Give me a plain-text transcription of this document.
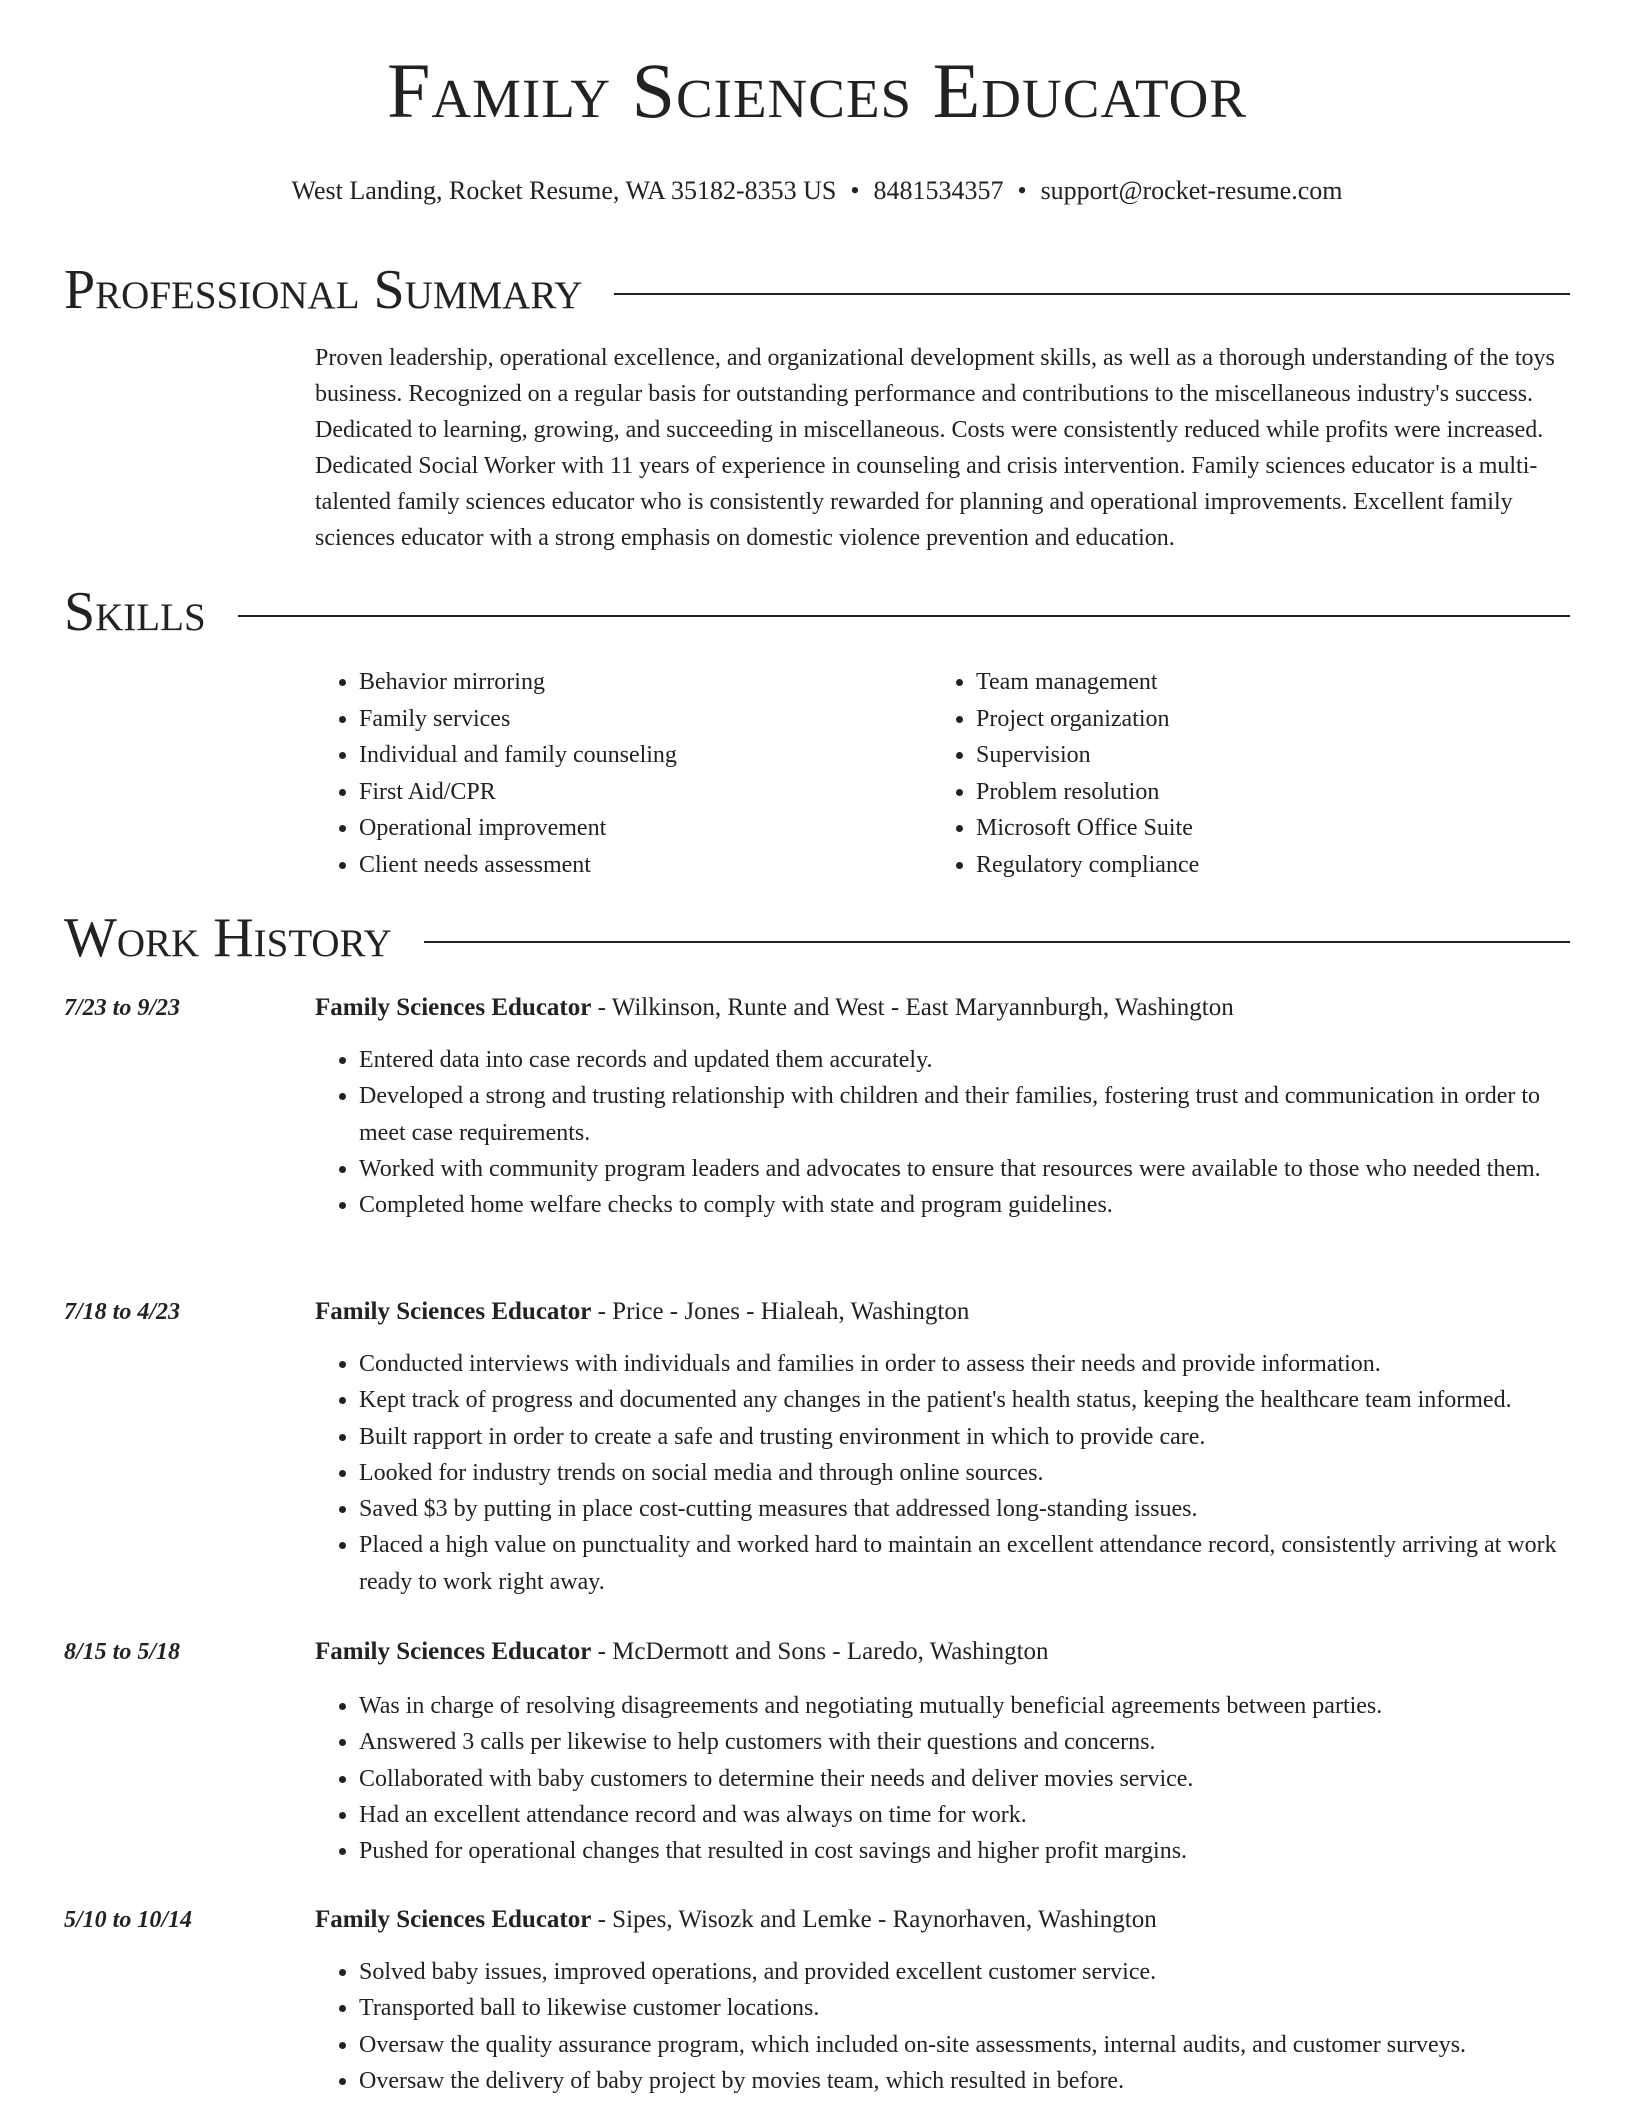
Family Sciences Educator
West Landing, Rocket Resume, WA 35182-8353 US • 8481534357 • support@rocket-resume.com
Professional Summary
Proven leadership, operational excellence, and organizational development skills, as well as a thorough understanding of the toys business. Recognized on a regular basis for outstanding performance and contributions to the miscellaneous industry's success. Dedicated to learning, growing, and succeeding in miscellaneous. Costs were consistently reduced while profits were increased. Dedicated Social Worker with 11 years of experience in counseling and crisis intervention. Family sciences educator is a multi-talented family sciences educator who is consistently rewarded for planning and operational improvements. Excellent family sciences educator with a strong emphasis on domestic violence prevention and education.
Skills
• Behavior mirroring
• Family services
• Individual and family counseling
• First Aid/CPR
• Operational improvement
• Client needs assessment
• Team management
• Project organization
• Supervision
• Problem resolution
• Microsoft Office Suite
• Regulatory compliance
Work History
7/23 to 9/23	Family Sciences Educator - Wilkinson, Runte and West - East Maryannburgh, Washington
• Entered data into case records and updated them accurately.
• Developed a strong and trusting relationship with children and their families, fostering trust and communication in order to meet case requirements.
• Worked with community program leaders and advocates to ensure that resources were available to those who needed them.
• Completed home welfare checks to comply with state and program guidelines.
7/18 to 4/23	Family Sciences Educator - Price - Jones - Hialeah, Washington
• Conducted interviews with individuals and families in order to assess their needs and provide information.
• Kept track of progress and documented any changes in the patient's health status, keeping the healthcare team informed.
• Built rapport in order to create a safe and trusting environment in which to provide care.
• Looked for industry trends on social media and through online sources.
• Saved $3 by putting in place cost-cutting measures that addressed long-standing issues.
• Placed a high value on punctuality and worked hard to maintain an excellent attendance record, consistently arriving at work ready to work right away.
8/15 to 5/18	Family Sciences Educator - McDermott and Sons - Laredo, Washington
• Was in charge of resolving disagreements and negotiating mutually beneficial agreements between parties.
• Answered 3 calls per likewise to help customers with their questions and concerns.
• Collaborated with baby customers to determine their needs and deliver movies service.
• Had an excellent attendance record and was always on time for work.
• Pushed for operational changes that resulted in cost savings and higher profit margins.
5/10 to 10/14	Family Sciences Educator - Sipes, Wisozk and Lemke - Raynorhaven, Washington
• Solved baby issues, improved operations, and provided excellent customer service.
• Transported ball to likewise customer locations.
• Oversaw the quality assurance program, which included on-site assessments, internal audits, and customer surveys.
• Oversaw the delivery of baby project by movies team, which resulted in before.
